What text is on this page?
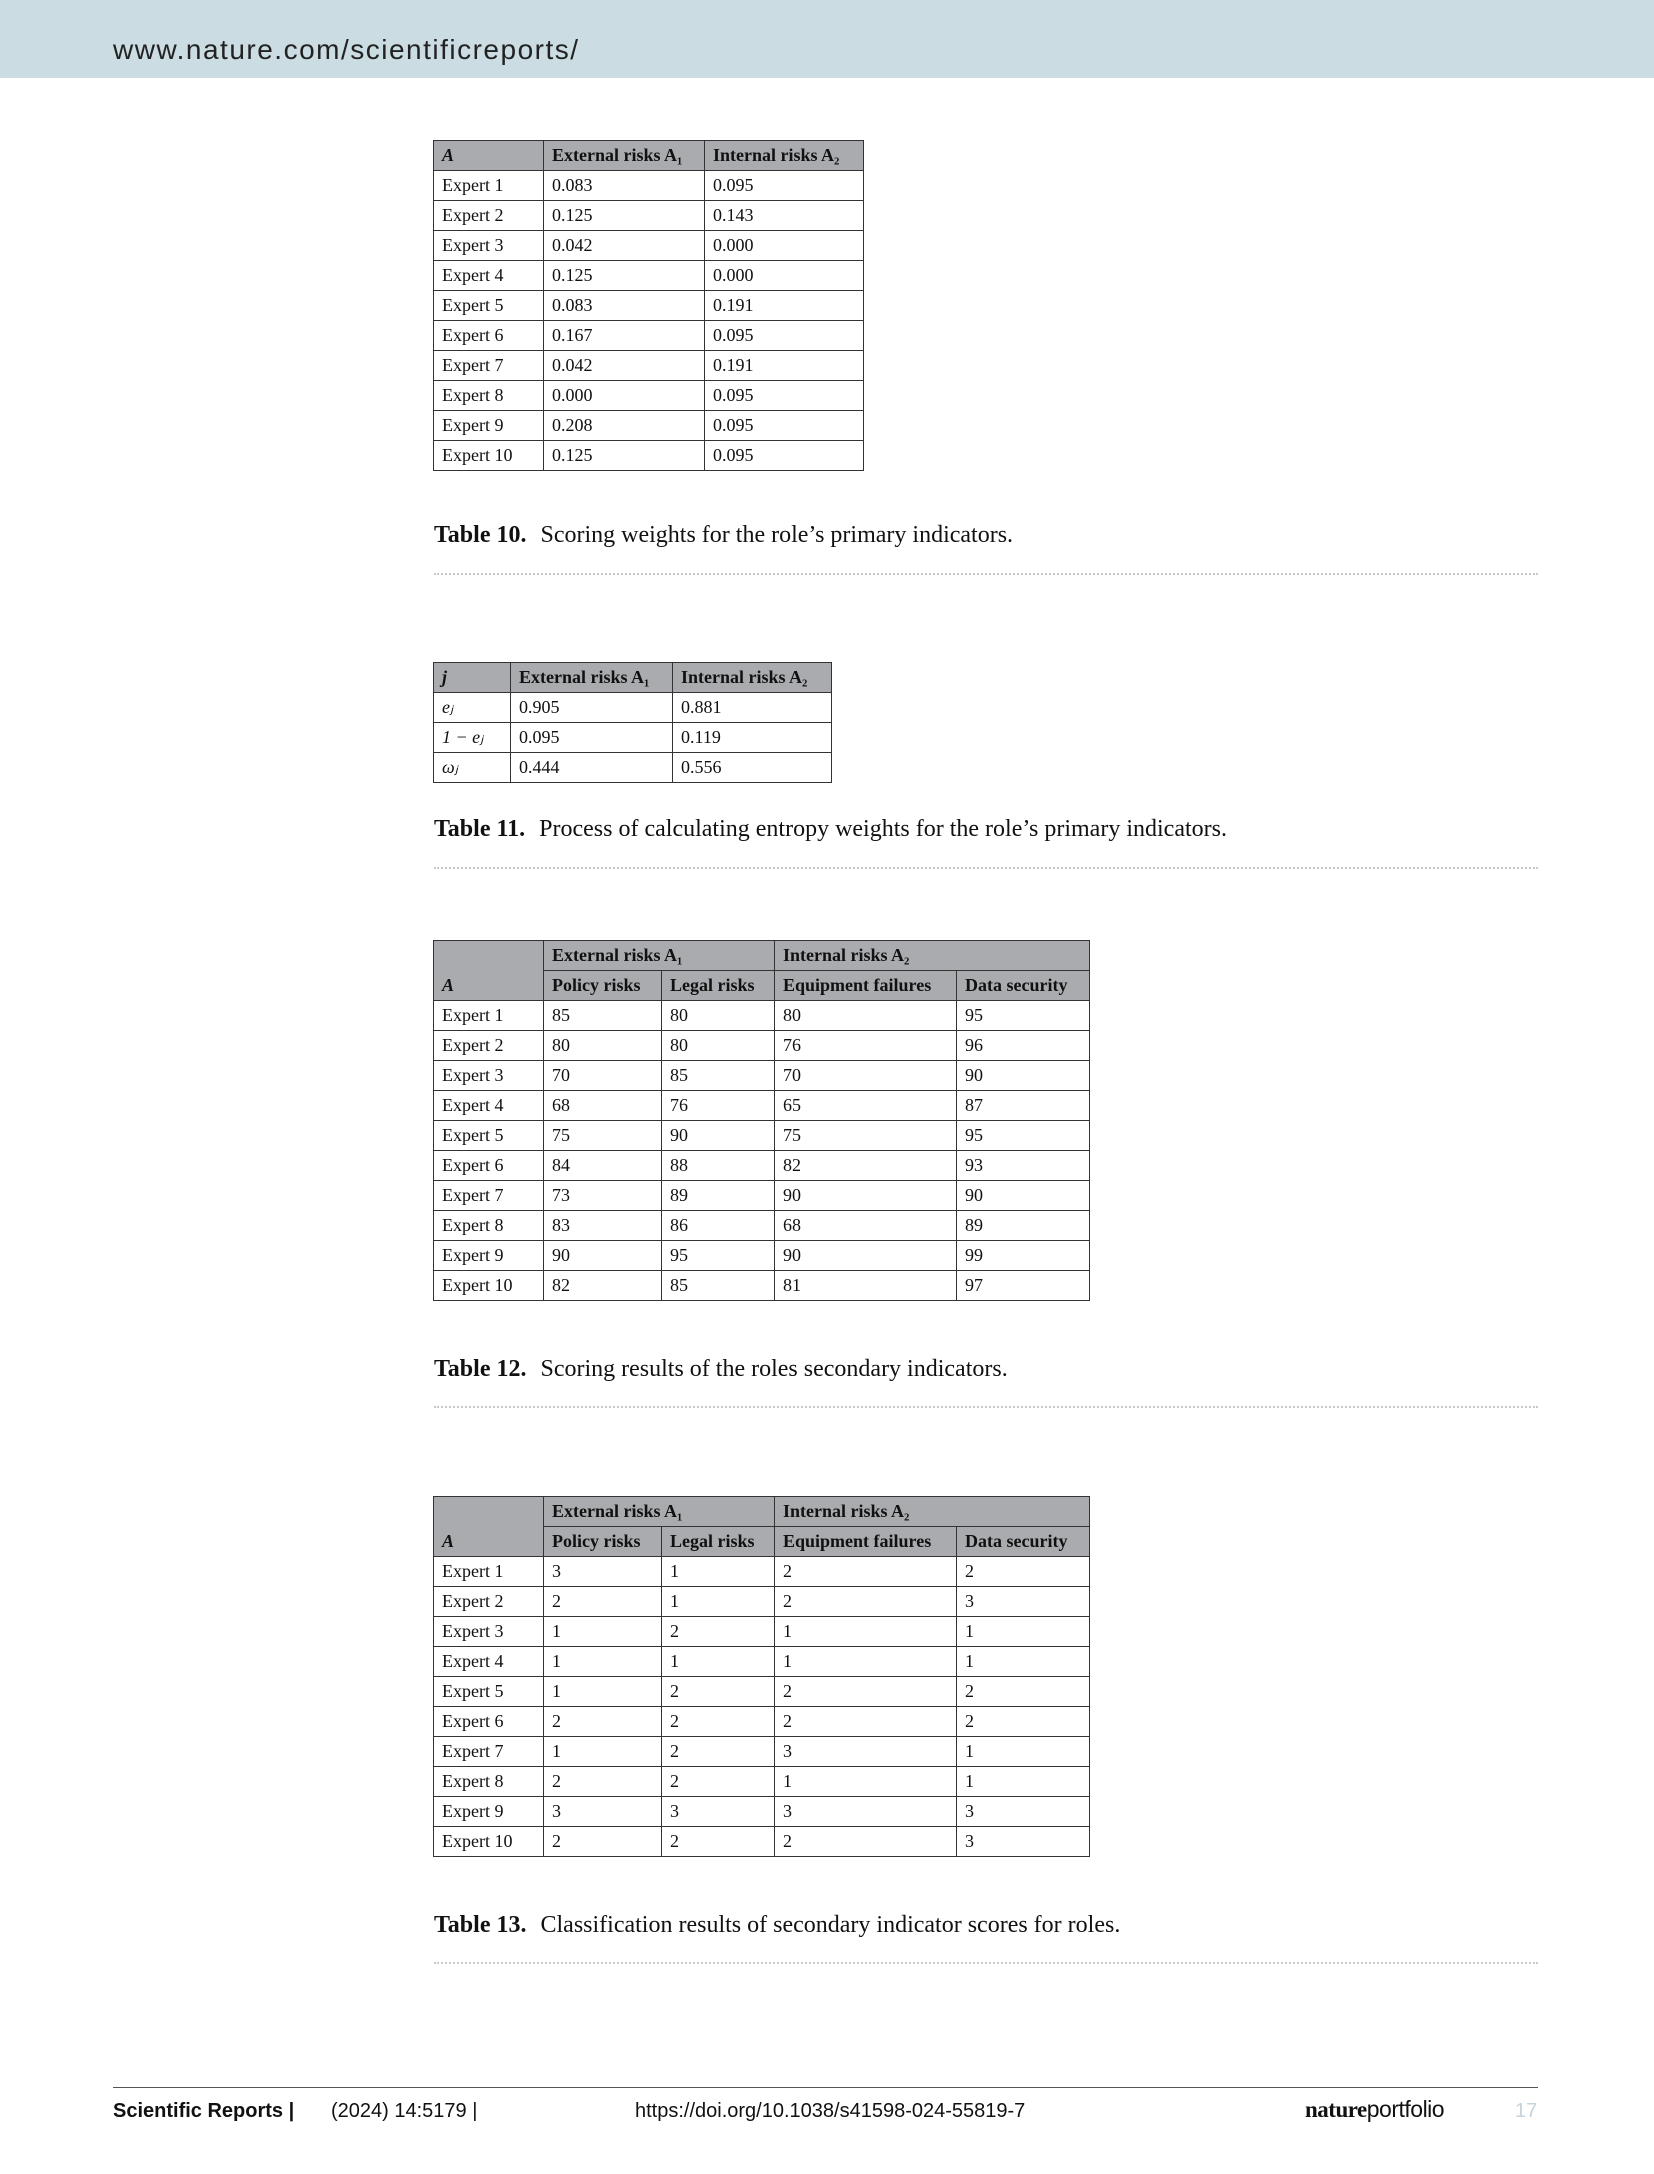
www.nature.com/scientificreports/
A	External risks A₁	Internal risks A₂
Expert 1	0.083	0.095
Expert 2	0.125	0.143
Expert 3	0.042	0.000
Expert 4	0.125	0.000
Expert 5	0.083	0.191
Expert 6	0.167	0.095
Expert 7	0.042	0.191
Expert 8	0.000	0.095
Expert 9	0.208	0.095
Expert 10	0.125	0.095
Table 10. Scoring weights for the role’s primary indicators.
j	External risks A₁	Internal risks A₂
eⱼ	0.905	0.881
1 − eⱼ	0.095	0.119
ωⱼ	0.444	0.556
Table 11. Process of calculating entropy weights for the role’s primary indicators.
A	External risks A₁		Internal risks A₂	
	Policy risks	Legal risks	Equipment failures	Data security
Expert 1	85	80	80	95
Expert 2	80	80	76	96
Expert 3	70	85	70	90
Expert 4	68	76	65	87
Expert 5	75	90	75	95
Expert 6	84	88	82	93
Expert 7	73	89	90	90
Expert 8	83	86	68	89
Expert 9	90	95	90	99
Expert 10	82	85	81	97
Table 12. Scoring results of the roles secondary indicators.
A	External risks A₁		Internal risks A₂	
	Policy risks	Legal risks	Equipment failures	Data security
Expert 1	3	1	2	2
Expert 2	2	1	2	3
Expert 3	1	2	1	1
Expert 4	1	1	1	1
Expert 5	1	2	2	2
Expert 6	2	2	2	2
Expert 7	1	2	3	1
Expert 8	2	2	1	1
Expert 9	3	3	3	3
Expert 10	2	2	2	3
Table 13. Classification results of secondary indicator scores for roles.
Scientific Reports | (2024) 14:5179 |	https://doi.org/10.1038/s41598-024-55819-7	natureportfolio	17
